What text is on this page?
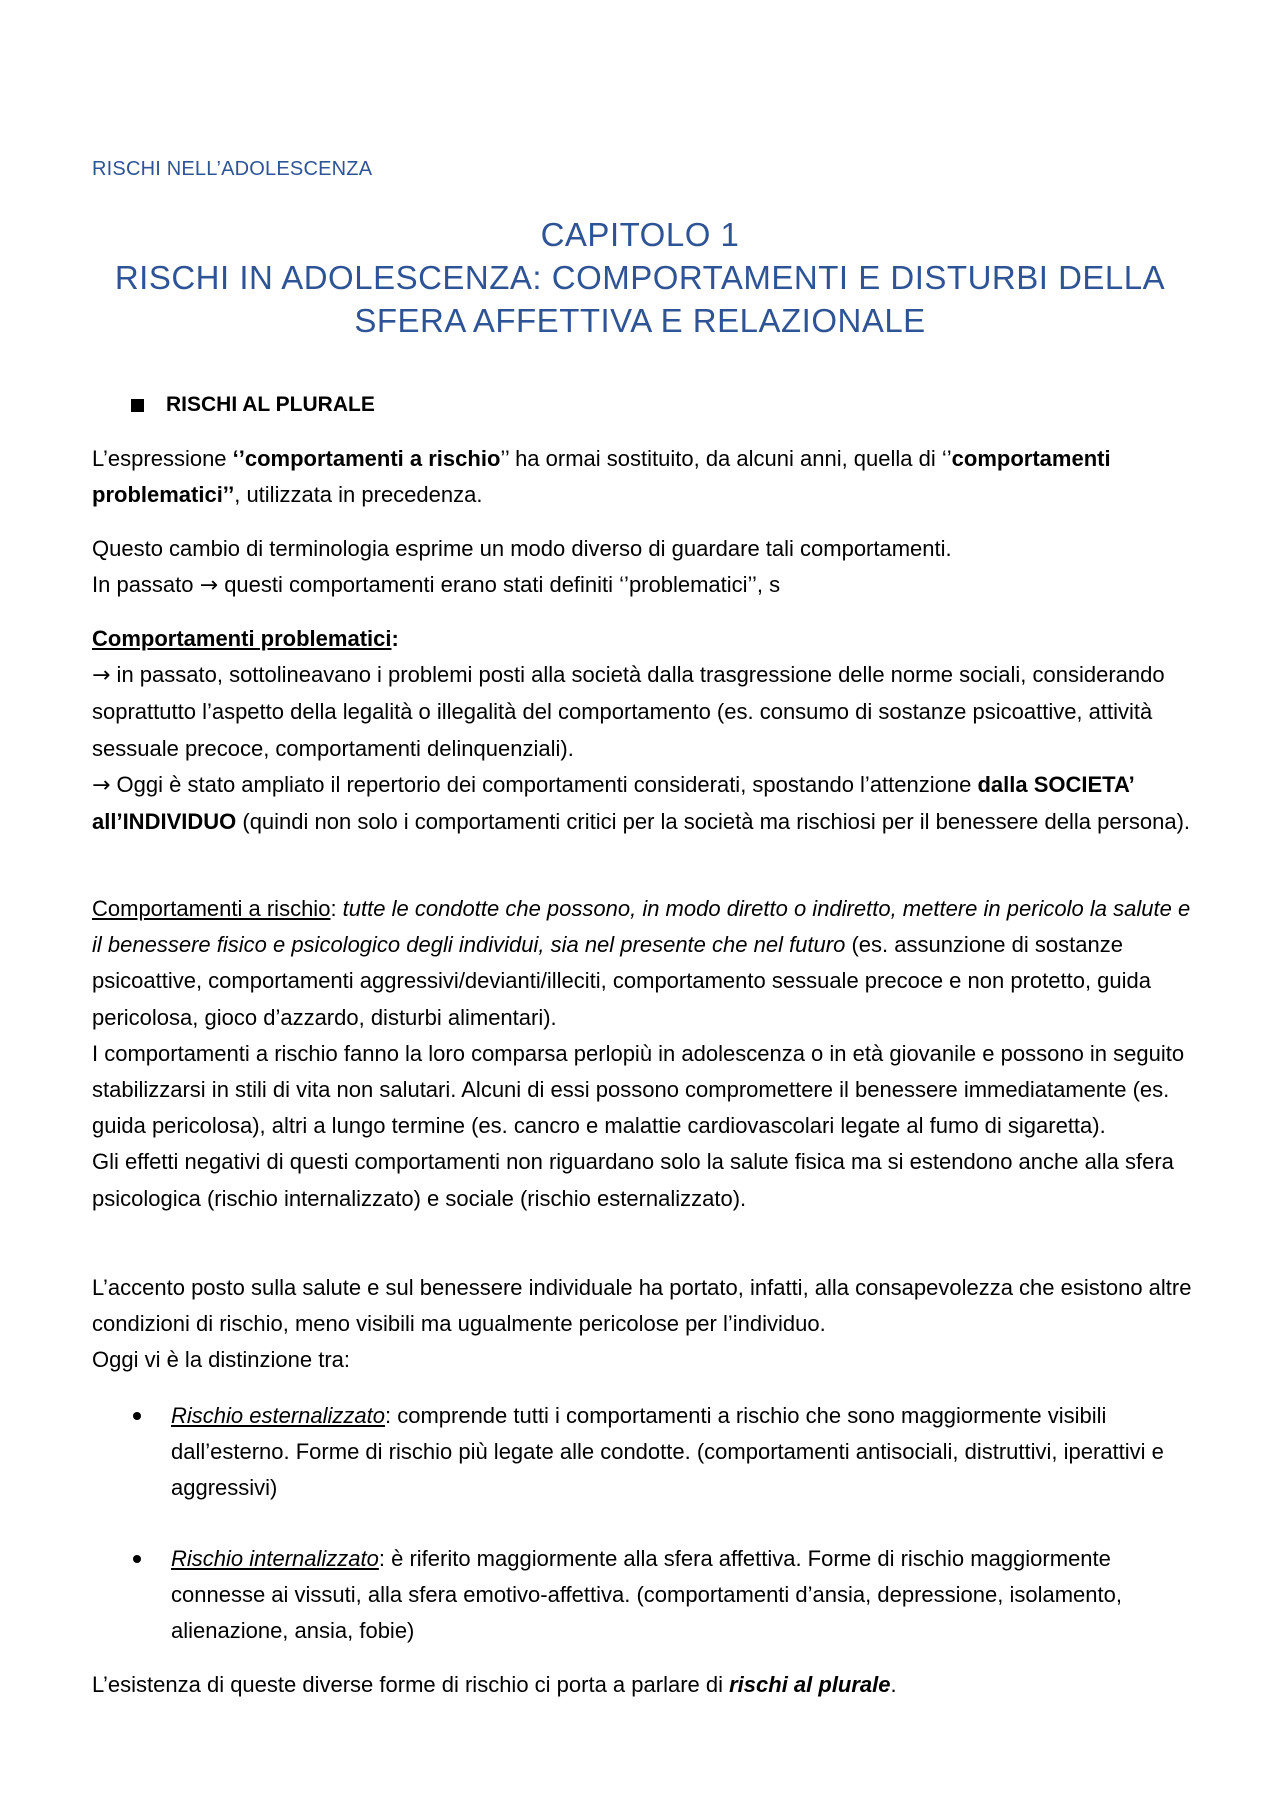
RISCHI NELL’ADOLESCENZA
CAPITOLO 1
RISCHI IN ADOLESCENZA: COMPORTAMENTI E DISTURBI DELLA
SFERA AFFETTIVA E RELAZIONALE
RISCHI AL PLURALE

L’espressione ‘’comportamenti a rischio’’ ha ormai sostituito, da alcuni anni, quella di ‘’comportamenti problematici’’, utilizzata in precedenza.

Questo cambio di terminologia esprime un modo diverso di guardare tali comportamenti.

In passato → questi comportamenti erano stati definiti ‘’problematici’’, s

Comportamenti problematici:

→ in passato, sottolineavano i problemi posti alla società dalla trasgressione delle norme sociali, considerando soprattutto l’aspetto della legalità o illegalità del comportamento (es. consumo di sostanze psicoattive, attività sessuale precoce, comportamenti delinquenziali).

→ Oggi è stato ampliato il repertorio dei comportamenti considerati, spostando l’attenzione dalla SOCIETA’ all’INDIVIDUO (quindi non solo i comportamenti critici per la società ma rischiosi per il benessere della persona).

Comportamenti a rischio: tutte le condotte che possono, in modo diretto o indiretto, mettere in pericolo la salute e il benessere fisico e psicologico degli individui, sia nel presente che nel futuro (es. assunzione di sostanze psicoattive, comportamenti aggressivi/devianti/illeciti, comportamento sessuale precoce e non protetto, guida pericolosa, gioco d’azzardo, disturbi alimentari).

I comportamenti a rischio fanno la loro comparsa perlopiù in adolescenza o in età giovanile e possono in seguito stabilizzarsi in stili di vita non salutari. Alcuni di essi possono compromettere il benessere immediatamente (es. guida pericolosa), altri a lungo termine (es. cancro e malattie cardiovascolari legate al fumo di sigaretta).

Gli effetti negativi di questi comportamenti non riguardano solo la salute fisica ma si estendono anche alla sfera psicologica (rischio internalizzato) e sociale (rischio esternalizzato).

L’accento posto sulla salute e sul benessere individuale ha portato, infatti, alla consapevolezza che esistono altre condizioni di rischio, meno visibili ma ugualmente pericolose per l’individuo.

Oggi vi è la distinzione tra:

Rischio esternalizzato: comprende tutti i comportamenti a rischio che sono maggiormente visibili dall’esterno. Forme di rischio più legate alle condotte. (comportamenti antisociali, distruttivi, iperattivi e aggressivi)
Rischio internalizzato: è riferito maggiormente alla sfera affettiva. Forme di rischio maggiormente connesse ai vissuti, alla sfera emotivo-affettiva. (comportamenti d’ansia, depressione, isolamento, alienazione, ansia, fobie)

L’esistenza di queste diverse forme di rischio ci porta a parlare di rischi al plurale.
